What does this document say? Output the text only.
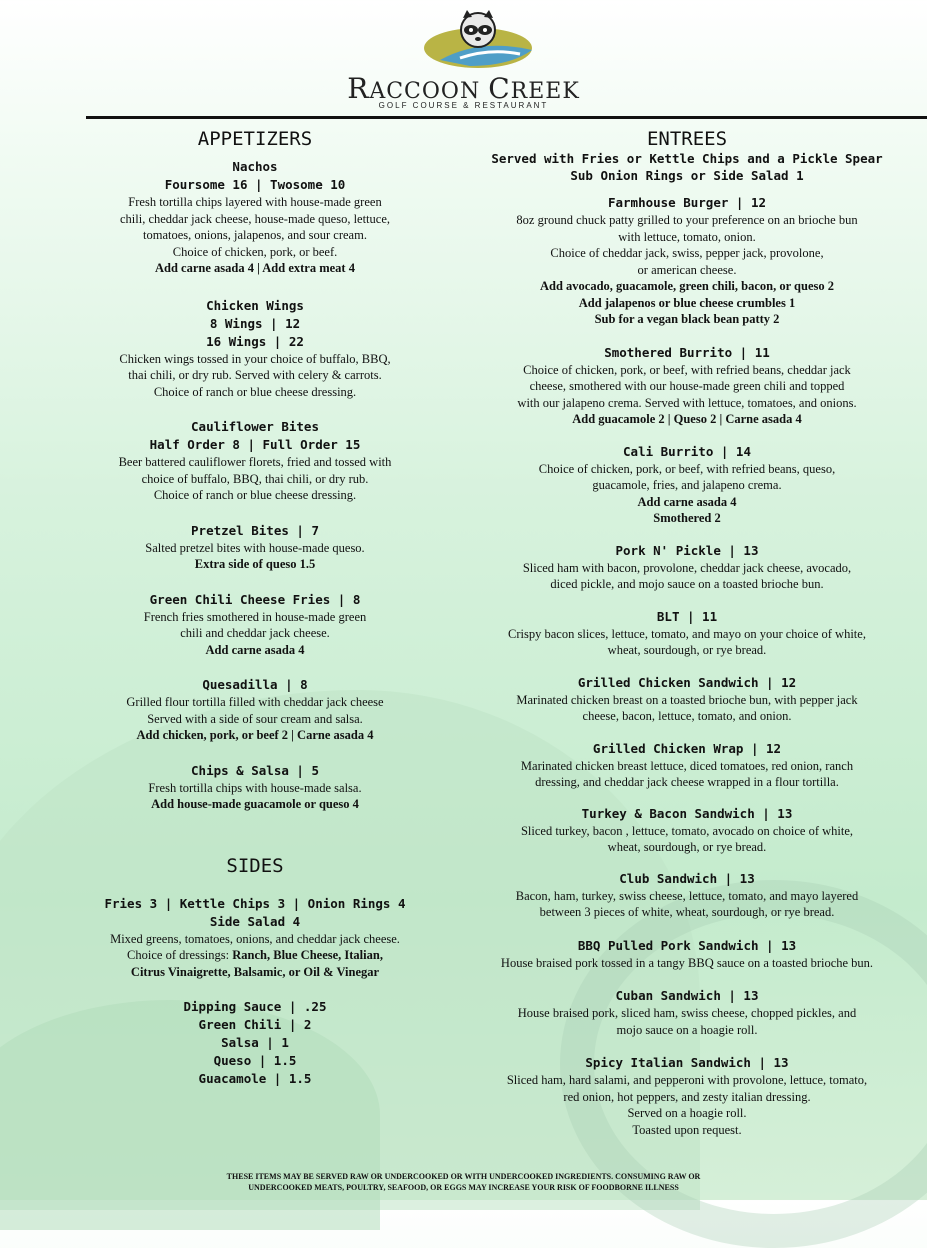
RACCOON CREEK
GOLF COURSE & RESTAURANT
APPETIZERS
Nachos
Foursome 16 | Twosome 10
Fresh tortilla chips layered with house-made green
chili, cheddar jack cheese, house-made queso, lettuce,
tomatoes, onions, jalapenos, and sour cream.
Choice of chicken, pork, or beef.
Add carne asada 4 | Add extra meat 4
Chicken Wings
8 Wings | 12
16 Wings | 22
Chicken wings tossed in your choice of buffalo, BBQ,
thai chili, or dry rub. Served with celery & carrots.
Choice of ranch or blue cheese dressing.
Cauliflower Bites
Half Order 8 | Full Order 15
Beer battered cauliflower florets, fried and tossed with
choice of buffalo, BBQ, thai chili, or dry rub.
Choice of ranch or blue cheese dressing.
Pretzel Bites | 7
Salted pretzel bites with house-made queso.
Extra side of queso 1.5
Green Chili Cheese Fries | 8
French fries smothered in house-made green
chili and cheddar jack cheese.
Add carne asada 4
Quesadilla | 8
Grilled flour tortilla filled with cheddar jack cheese
Served with a side of sour cream and salsa.
Add chicken, pork, or beef 2 | Carne asada 4
Chips & Salsa | 5
Fresh tortilla chips with house-made salsa.
Add house-made guacamole or queso 4
SIDES
Fries 3 | Kettle Chips 3 | Onion Rings 4
Side Salad 4
Mixed greens, tomatoes, onions, and cheddar jack cheese.
Choice of dressings: Ranch, Blue Cheese, Italian,
Citrus Vinaigrette, Balsamic, or Oil & Vinegar
Dipping Sauce | .25
Green Chili | 2
Salsa | 1
Queso | 1.5
Guacamole | 1.5
ENTREES
Served with Fries or Kettle Chips and a Pickle Spear
Sub Onion Rings or Side Salad 1
Farmhouse Burger | 12
8oz ground chuck patty grilled to your preference on an brioche bun
with lettuce, tomato, onion.
Choice of cheddar jack, swiss, pepper jack, provolone,
or american cheese.
Add avocado, guacamole, green chili, bacon, or queso 2
Add jalapenos or blue cheese crumbles 1
Sub for a vegan black bean patty 2
Smothered Burrito | 11
Choice of chicken, pork, or beef, with refried beans, cheddar jack
cheese, smothered with our house-made green chili and topped
with our jalapeno crema. Served with lettuce, tomatoes, and onions.
Add guacamole 2 | Queso 2 | Carne asada 4
Cali Burrito | 14
Choice of chicken, pork, or beef, with refried beans, queso,
guacamole, fries, and jalapeno crema.
Add carne asada 4
Smothered 2
Pork N' Pickle | 13
Sliced ham with bacon, provolone, cheddar jack cheese, avocado,
diced pickle, and mojo sauce on a toasted brioche bun.
BLT | 11
Crispy bacon slices, lettuce, tomato, and mayo on your choice of white,
wheat, sourdough, or rye bread.
Grilled Chicken Sandwich | 12
Marinated chicken breast on a toasted brioche bun, with pepper jack
cheese, bacon, lettuce, tomato, and onion.
Grilled Chicken Wrap | 12
Marinated chicken breast lettuce, diced tomatoes, red onion, ranch
dressing, and cheddar jack cheese wrapped in a flour tortilla.
Turkey & Bacon Sandwich | 13
Sliced turkey, bacon , lettuce, tomato, avocado on choice of white,
wheat, sourdough, or rye bread.
Club Sandwich | 13
Bacon, ham, turkey, swiss cheese, lettuce, tomato, and mayo layered
between 3 pieces of white, wheat, sourdough, or rye bread.
BBQ Pulled Pork Sandwich | 13
House braised pork tossed in a tangy BBQ sauce on a toasted brioche bun.
Cuban Sandwich | 13
House braised pork, sliced ham, swiss cheese, chopped pickles, and
mojo sauce on a hoagie roll.
Spicy Italian Sandwich | 13
Sliced ham, hard salami, and pepperoni with provolone, lettuce, tomato,
red onion, hot peppers, and zesty italian dressing.
Served on a hoagie roll.
Toasted upon request.
THESE ITEMS MAY BE SERVED RAW OR UNDERCOOKED OR WITH UNDERCOOKED INGREDIENTS. CONSUMING RAW OR
UNDERCOOKED MEATS, POULTRY, SEAFOOD, OR EGGS MAY INCREASE YOUR RISK OF FOODBORNE ILLNESS
